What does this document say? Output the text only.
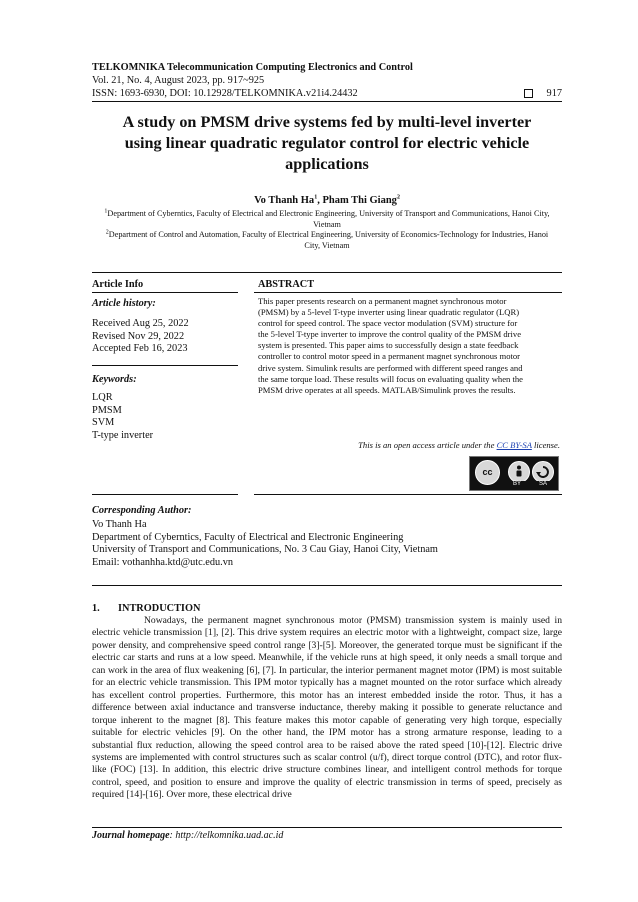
TELKOMNIKA Telecommunication Computing Electronics and Control
Vol. 21, No. 4, August 2023, pp. 917~925
ISSN: 1693-6930, DOI: 10.12928/TELKOMNIKA.v21i4.24432	917
A study on PMSM drive systems fed by multi-level inverter
using linear quadratic regulator control for electric vehicle
applications
Vo Thanh Ha$^1$, Pham Thi Giang$^2$
$^1$Department of Cyberntics, Faculty of Electrical and Electronic Engineering, University of Transport and Communications, Hanoi City,
Vietnam
$^2$Department of Control and Automation, Faculty of Electrical Engineering, University of Economics-Technology for Industries, Hanoi
City, Vietnam
Article Info	ABSTRACT
Article history:
Received Aug 25, 2022
Revised Nov 29, 2022
Accepted Feb 16, 2023
Keywords:
LQR
PMSM
SVM
T-type inverter
This paper presents research on a permanent magnet synchronous motor
(PMSM) by a 5-level T-type inverter using linear quadratic regulator (LQR)
control for speed control. The space vector modulation (SVM) structure for
the 5-level T-type inverter to improve the control quality of the PMSM drive
system is presented. This paper aims to successfully design a state feedback
controller to control motor speed in a permanent magnet synchronous motor
drive system. Simulink results are performed with different speed ranges and
the same torque load. These results will focus on evaluating quality when the
PMSM drive operates at all speeds. MATLAB/Simulink proves the results.
This is an open access article under the CC BY-SA license.
cc
BY	SA
Corresponding Author:
Vo Thanh Ha
Department of Cyberntics, Faculty of Electrical and Electronic Engineering
University of Transport and Communications, No. 3 Cau Giay, Hanoi City, Vietnam
Email: vothanhha.ktd@utc.edu.vn
1. INTRODUCTION

Nowadays, the permanent magnet synchronous motor (PMSM) transmission system is mainly used in electric vehicle transmission [1], [2]. This drive system requires an electric motor with a lightweight, compact size, large power density, and comprehensive speed control range [3]-[5]. Moreover, the generated torque must be significant if the electric car starts and runs at a low speed. Meanwhile, if the vehicle runs at high speed, it only needs a small torque and can work in the area of flux weakening [6], [7]. In particular, the interior permanent magnet motor (IPM) is most suitable for an electric vehicle transmission. This IPM motor typically has a magnet mounted on the rotor surface which already has excellent control properties. Furthermore, this motor has an interest embedded inside the rotor. Thus, it has a difference between axial inductance and transverse inductance, thereby making it possible to generate reluctance and torque inherent to the magnet [8]. This feature makes this motor capable of generating very high torque, especially suitable for electric vehicles [9]. On the other hand, the IPM motor has a strong armature response, leading to a substantial flux reduction, allowing the speed control area to be raised above the rated speed [10]-[12]. Electric drive systems are implemented with control structures such as scalar control (u/f), direct torque control (DTC), and rotor flux-like (FOC) [13]. In addition, this electric drive structure combines linear, and intelligent control methods for torque control, speed, and position to ensure and improve the quality of electric transmission in terms of speed, precisely as required [14]-[16]. Over more, these electrical drive

Journal homepage: http://telkomnika.uad.ac.id
